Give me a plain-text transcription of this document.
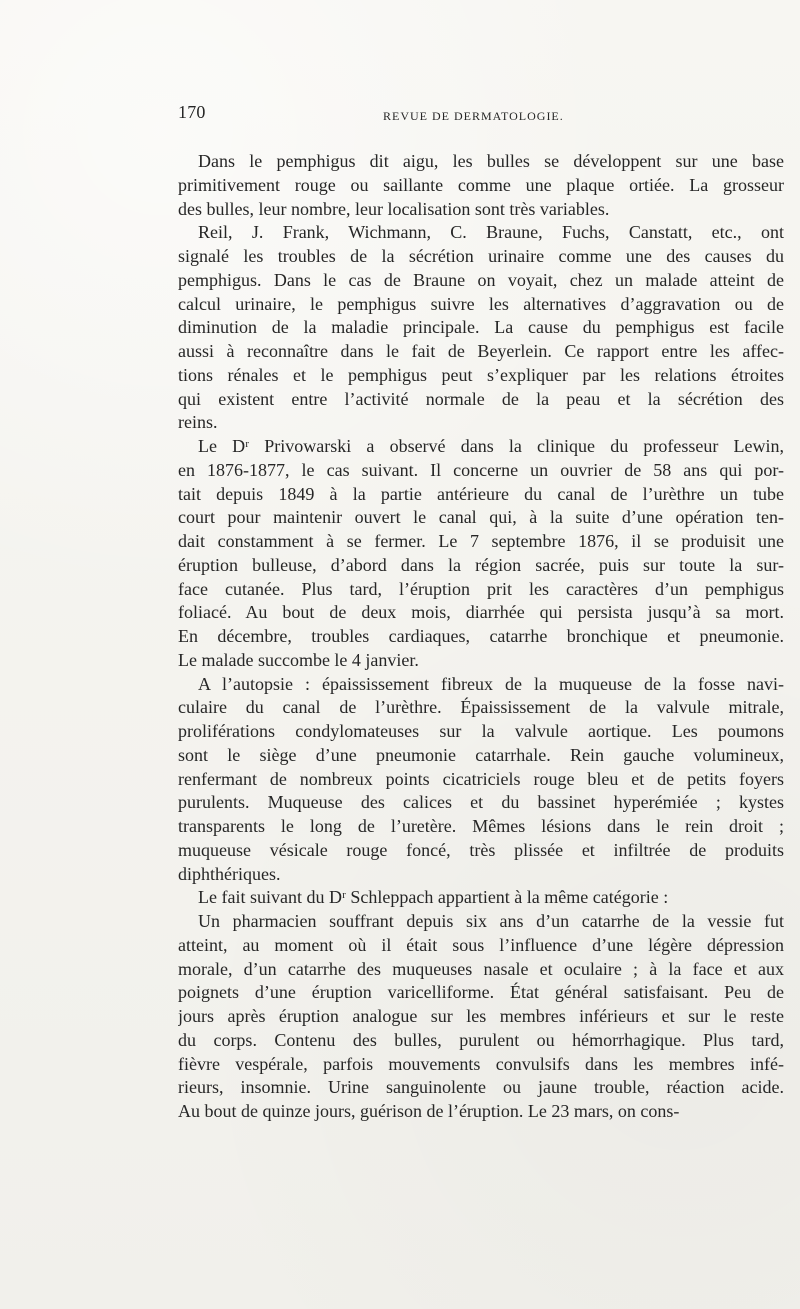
170	REVUE DE DERMATOLOGIE.
Dans le pemphigus dit aigu, les bulles se développent sur une base
primitivement rouge ou saillante comme une plaque ortiée. La grosseur
des bulles, leur nombre, leur localisation sont très variables.
Reil, J. Frank, Wichmann, C. Braune, Fuchs, Canstatt, etc., ont
signalé les troubles de la sécrétion urinaire comme une des causes du
pemphigus. Dans le cas de Braune on voyait, chez un malade atteint de
calcul urinaire, le pemphigus suivre les alternatives d’aggravation ou de
diminution de la maladie principale. La cause du pemphigus est facile
aussi à reconnaître dans le fait de Beyerlein. Ce rapport entre les affec-
tions rénales et le pemphigus peut s’expliquer par les relations étroites
qui existent entre l’activité normale de la peau et la sécrétion des
reins.
Le Dʳ Privowarski a observé dans la clinique du professeur Lewin,
en 1876-1877, le cas suivant. Il concerne un ouvrier de 58 ans qui por-
tait depuis 1849 à la partie antérieure du canal de l’urèthre un tube
court pour maintenir ouvert le canal qui, à la suite d’une opération ten-
dait constamment à se fermer. Le 7 septembre 1876, il se produisit une
éruption bulleuse, d’abord dans la région sacrée, puis sur toute la sur-
face cutanée. Plus tard, l’éruption prit les caractères d’un pemphigus
foliacé. Au bout de deux mois, diarrhée qui persista jusqu’à sa mort.
En décembre, troubles cardiaques, catarrhe bronchique et pneumonie.
Le malade succombe le 4 janvier.
A l’autopsie : épaississement fibreux de la muqueuse de la fosse navi-
culaire du canal de l’urèthre. Épaississement de la valvule mitrale,
proliférations condylomateuses sur la valvule aortique. Les poumons
sont le siège d’une pneumonie catarrhale. Rein gauche volumineux,
renfermant de nombreux points cicatriciels rouge bleu et de petits foyers
purulents. Muqueuse des calices et du bassinet hyperémiée ; kystes
transparents le long de l’uretère. Mêmes lésions dans le rein droit ;
muqueuse vésicale rouge foncé, très plissée et infiltrée de produits
diphthériques.
Le fait suivant du Dʳ Schleppach appartient à la même catégorie :
Un pharmacien souffrant depuis six ans d’un catarrhe de la vessie fut
atteint, au moment où il était sous l’influence d’une légère dépression
morale, d’un catarrhe des muqueuses nasale et oculaire ; à la face et aux
poignets d’une éruption varicelliforme. État général satisfaisant. Peu de
jours après éruption analogue sur les membres inférieurs et sur le reste
du corps. Contenu des bulles, purulent ou hémorrhagique. Plus tard,
fièvre vespérale, parfois mouvements convulsifs dans les membres infé-
rieurs, insomnie. Urine sanguinolente ou jaune trouble, réaction acide.
Au bout de quinze jours, guérison de l’éruption. Le 23 mars, on cons-
